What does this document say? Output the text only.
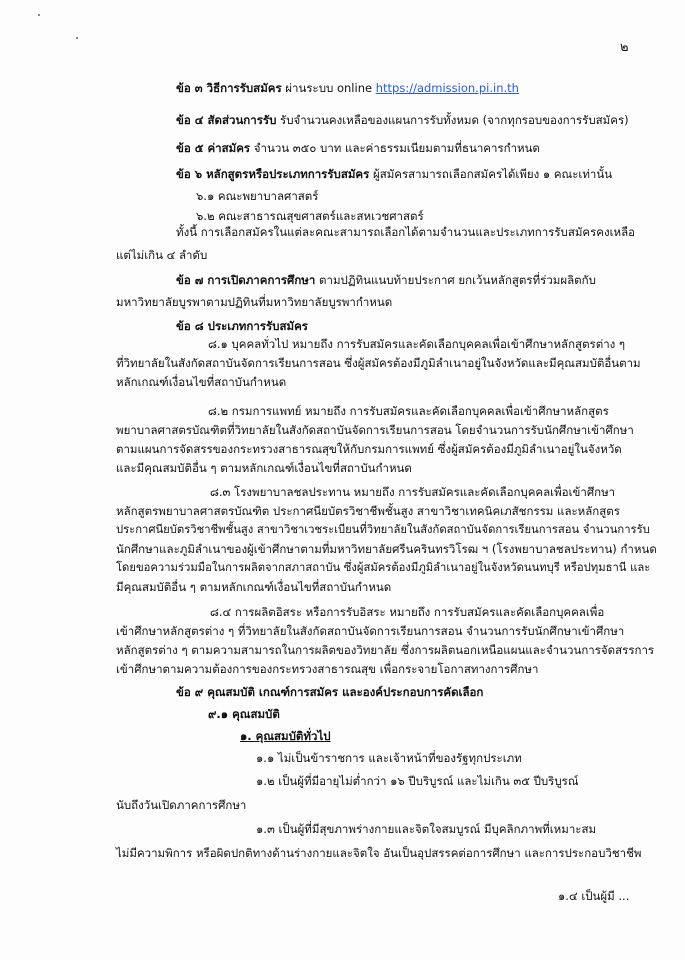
๒
ข้อ ๓ วิธีการรับสมัคร ผ่านระบบ online https://admission.pi.in.th
ข้อ ๔ สัดส่วนการรับ รับจำนวนคงเหลือของแผนการรับทั้งหมด (จากทุกรอบของการรับสมัคร)
ข้อ ๕ ค่าสมัคร จำนวน ๓๕๐ บาท และค่าธรรมเนียมตามที่ธนาคารกำหนด
ข้อ ๖ หลักสูตรหรือประเภทการรับสมัคร ผู้สมัครสามารถเลือกสมัครได้เพียง ๑ คณะเท่านั้น
๖.๑ คณะพยาบาลศาสตร์
๖.๒ คณะสาธารณสุขศาสตร์และสหเวชศาสตร์
ทั้งนี้ การเลือกสมัครในแต่ละคณะสามารถเลือกได้ตามจำนวนและประเภทการรับสมัครคงเหลือ
แต่ไม่เกิน ๔ ลำดับ
ข้อ ๗ การเปิดภาคการศึกษา ตามปฏิทินแนบท้ายประกาศ ยกเว้นหลักสูตรที่ร่วมผลิตกับ
มหาวิทยาลัยบูรพาตามปฏิทินที่มหาวิทยาลัยบูรพากำหนด
ข้อ ๘ ประเภทการรับสมัคร
๘.๑ บุคคลทั่วไป หมายถึง การรับสมัครและคัดเลือกบุคคลเพื่อเข้าศึกษาหลักสูตรต่าง ๆ
ที่วิทยาลัยในสังกัดสถาบันจัดการเรียนการสอน ซึ่งผู้สมัครต้องมีภูมิลำเนาอยู่ในจังหวัดและมีคุณสมบัติอื่นตาม
หลักเกณฑ์เงื่อนไขที่สถาบันกำหนด
๘.๒ กรมการแพทย์ หมายถึง การรับสมัครและคัดเลือกบุคคลเพื่อเข้าศึกษาหลักสูตร
พยาบาลศาสตรบัณฑิตที่วิทยาลัยในสังกัดสถาบันจัดการเรียนการสอน โดยจำนวนการรับนักศึกษาเข้าศึกษา
ตามแผนการจัดสรรของกระทรวงสาธารณสุขให้กับกรมการแพทย์ ซึ่งผู้สมัครต้องมีภูมิลำเนาอยู่ในจังหวัด
และมีคุณสมบัติอื่น ๆ ตามหลักเกณฑ์เงื่อนไขที่สถาบันกำหนด
๘.๓ โรงพยาบาลชลประทาน หมายถึง การรับสมัครและคัดเลือกบุคคลเพื่อเข้าศึกษา
หลักสูตรพยาบาลศาสตรบัณฑิต ประกาศนียบัตรวิชาชีพชั้นสูง สาขาวิชาเทคนิคเภสัชกรรม และหลักสูตร
ประกาศนียบัตรวิชาชีพชั้นสูง สาขาวิชาเวชระเบียนที่วิทยาลัยในสังกัดสถาบันจัดการเรียนการสอน จำนวนการรับ
นักศึกษาและภูมิลำเนาของผู้เข้าศึกษาตามที่มหาวิทยาลัยศรีนครินทรวิโรฒ ฯ (โรงพยาบาลชลประทาน) กำหนด
โดยขอความร่วมมือในการผลิตจากสภาสถาบัน ซึ่งผู้สมัครต้องมีภูมิลำเนาอยู่ในจังหวัดนนทบุรี หรือปทุมธานี และ
มีคุณสมบัติอื่น ๆ ตามหลักเกณฑ์เงื่อนไขที่สถาบันกำหนด
๘.๔ การผลิตอิสระ หรือการรับอิสระ หมายถึง การรับสมัครและคัดเลือกบุคคลเพื่อ
เข้าศึกษาหลักสูตรต่าง ๆ ที่วิทยาลัยในสังกัดสถาบันจัดการเรียนการสอน จำนวนการรับนักศึกษาเข้าศึกษา
หลักสูตรต่าง ๆ ตามความสามารถในการผลิตของวิทยาลัย ซึ่งการผลิตนอกเหนือแผนและจำนวนการจัดสรรการ
เข้าศึกษาตามความต้องการของกระทรวงสาธารณสุข เพื่อกระจายโอกาสทางการศึกษา
ข้อ ๙ คุณสมบัติ เกณฑ์การสมัคร และองค์ประกอบการคัดเลือก
๙.๑ คุณสมบัติ
๑. คุณสมบัติทั่วไป
๑.๑ ไม่เป็นข้าราชการ และเจ้าหน้าที่ของรัฐทุกประเภท
๑.๒ เป็นผู้ที่มีอายุไม่ต่ำกว่า ๑๖ ปีบริบูรณ์ และไม่เกิน ๓๕ ปีบริบูรณ์
นับถึงวันเปิดภาคการศึกษา
๑.๓ เป็นผู้ที่มีสุขภาพร่างกายและจิตใจสมบูรณ์ มีบุคลิกภาพที่เหมาะสม
ไม่มีความพิการ หรือผิดปกติทางด้านร่างกายและจิตใจ อันเป็นอุปสรรคต่อการศึกษา และการประกอบวิชาชีพ
๑.๔ เป็นผู้มี ...
